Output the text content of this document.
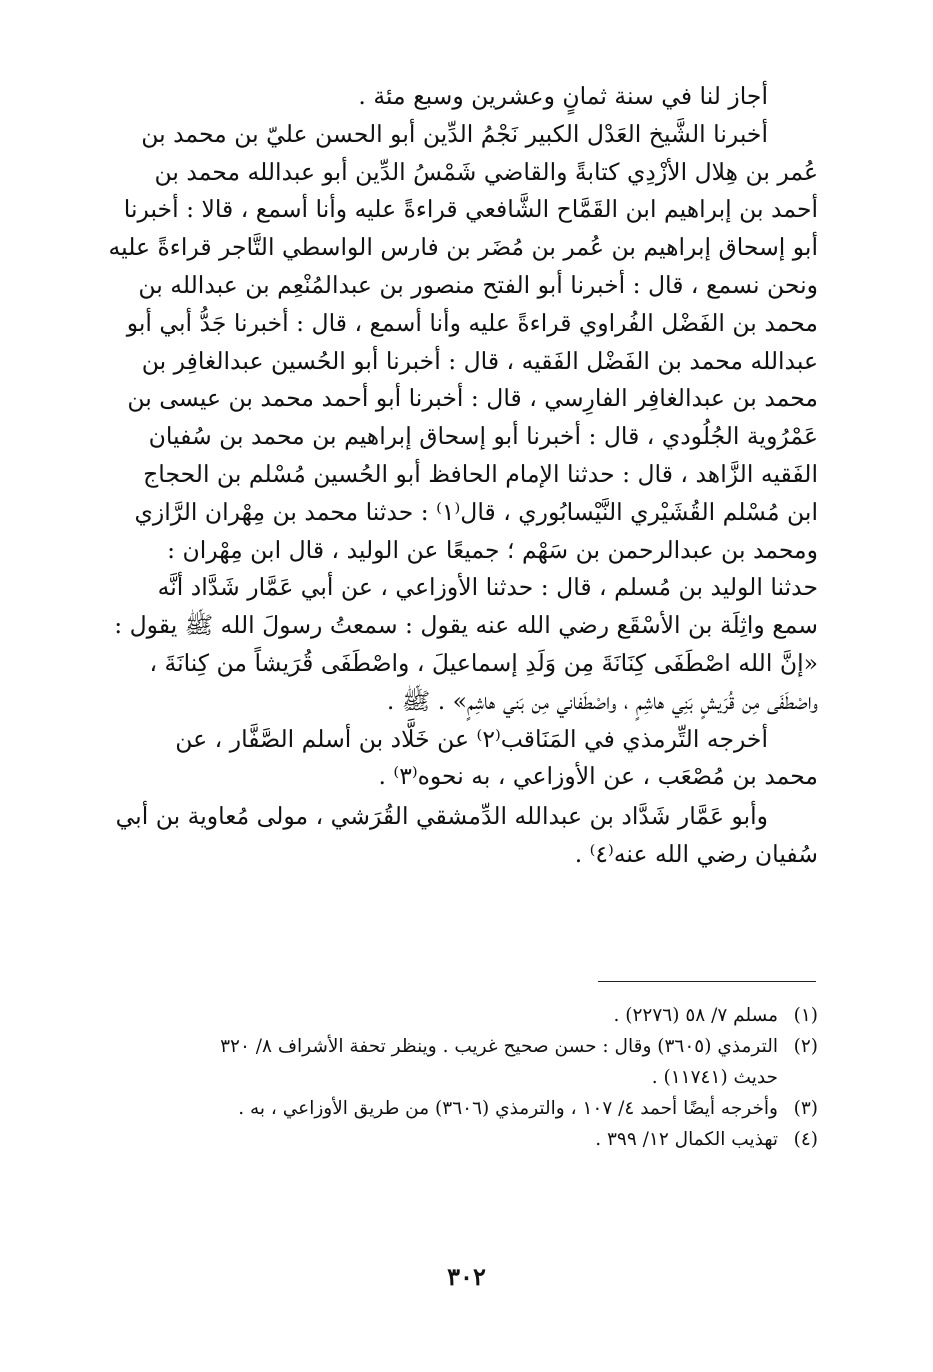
أجاز لنا في سنة ثمانٍ وعشرين وسبع مئة .
أخبرنا الشَّيخ العَدْل الكبير نَجْمُ الدِّين أبو الحسن عليّ بن محمد بن
عُمر بن هِلال الأزْدِي كتابةً والقاضي شَمْسُ الدِّين أبو عبدالله محمد بن
أحمد بن إبراهيم ابن القَمَّاح الشَّافعي قراءةً عليه وأنا أسمع ، قالا : أخبرنا
أبو إسحاق إبراهيم بن عُمر بن مُضَر بن فارس الواسطي التَّاجر قراءةً عليه
ونحن نسمع ، قال : أخبرنا أبو الفتح منصور بن عبدالمُنْعِم بن عبدالله بن
محمد بن الفَضْل الفُراوي قراءةً عليه وأنا أسمع ، قال : أخبرنا جَدُّ أبي أبو
عبدالله محمد بن الفَضْل الفَقيه ، قال : أخبرنا أبو الحُسين عبدالغافِر بن
محمد بن عبدالغافِر الفارِسي ، قال : أخبرنا أبو أحمد محمد بن عيسى بن
عَمْرُوية الجُلُودي ، قال : أخبرنا أبو إسحاق إبراهيم بن محمد بن سُفيان
الفَقيه الزَّاهد ، قال : حدثنا الإمام الحافظ أبو الحُسين مُسْلم بن الحجاج
ابن مُسْلم القُشَيْري النَّيْسابُوري ، قال⁽١⁾ : حدثنا محمد بن مِهْران الرَّازي
ومحمد بن عبدالرحمن بن سَهْم ؛ جميعًا عن الوليد ، قال ابن مِهْران :
حدثنا الوليد بن مُسلم ، قال : حدثنا الأوزاعي ، عن أبي عَمَّار شَدَّاد أنَّه
سمع واثِلَة بن الأسْقَع رضي الله عنه يقول : سمعتُ رسولَ الله ﷺ يقول :
«إنَّ الله اصْطَفَى كِنَانَةَ مِن وَلَدِ إسماعيلَ ، واصْطَفَى قُرَيشاً من كِنانَةَ ،
واصْطَفَى مِن قُرَيشٍ بَنِي هاشِمٍ ، واصْطَفاني مِن بَني هاشِمٍ» . ﷺ .
أخرجه التِّرمذي في المَنَاقب⁽٢⁾ عن خَلَّاد بن أسلم الصَّفَّار ، عن
محمد بن مُصْعَب ، عن الأوزاعي ، به نحوه⁽٣⁾ .
وأبو عَمَّار شَدَّاد بن عبدالله الدِّمشقي القُرَشي ، مولى مُعاوية بن أبي
سُفيان رضي الله عنه⁽٤⁾ .
(١)
مسلم ٧/ ٥٨ (٢٢٧٦) .
(٢)
الترمذي (٣٦٠٥) وقال : حسن صحيح غريب . وينظر تحفة الأشراف ٨/ ٣٢٠
حديث (١١٧٤١) .
(٣)
وأخرجه أيضًا أحمد ٤/ ١٠٧ ، والترمذي (٣٦٠٦) من طريق الأوزاعي ، به .
(٤)
تهذيب الكمال ١٢/ ٣٩٩ .
٣٠٢
